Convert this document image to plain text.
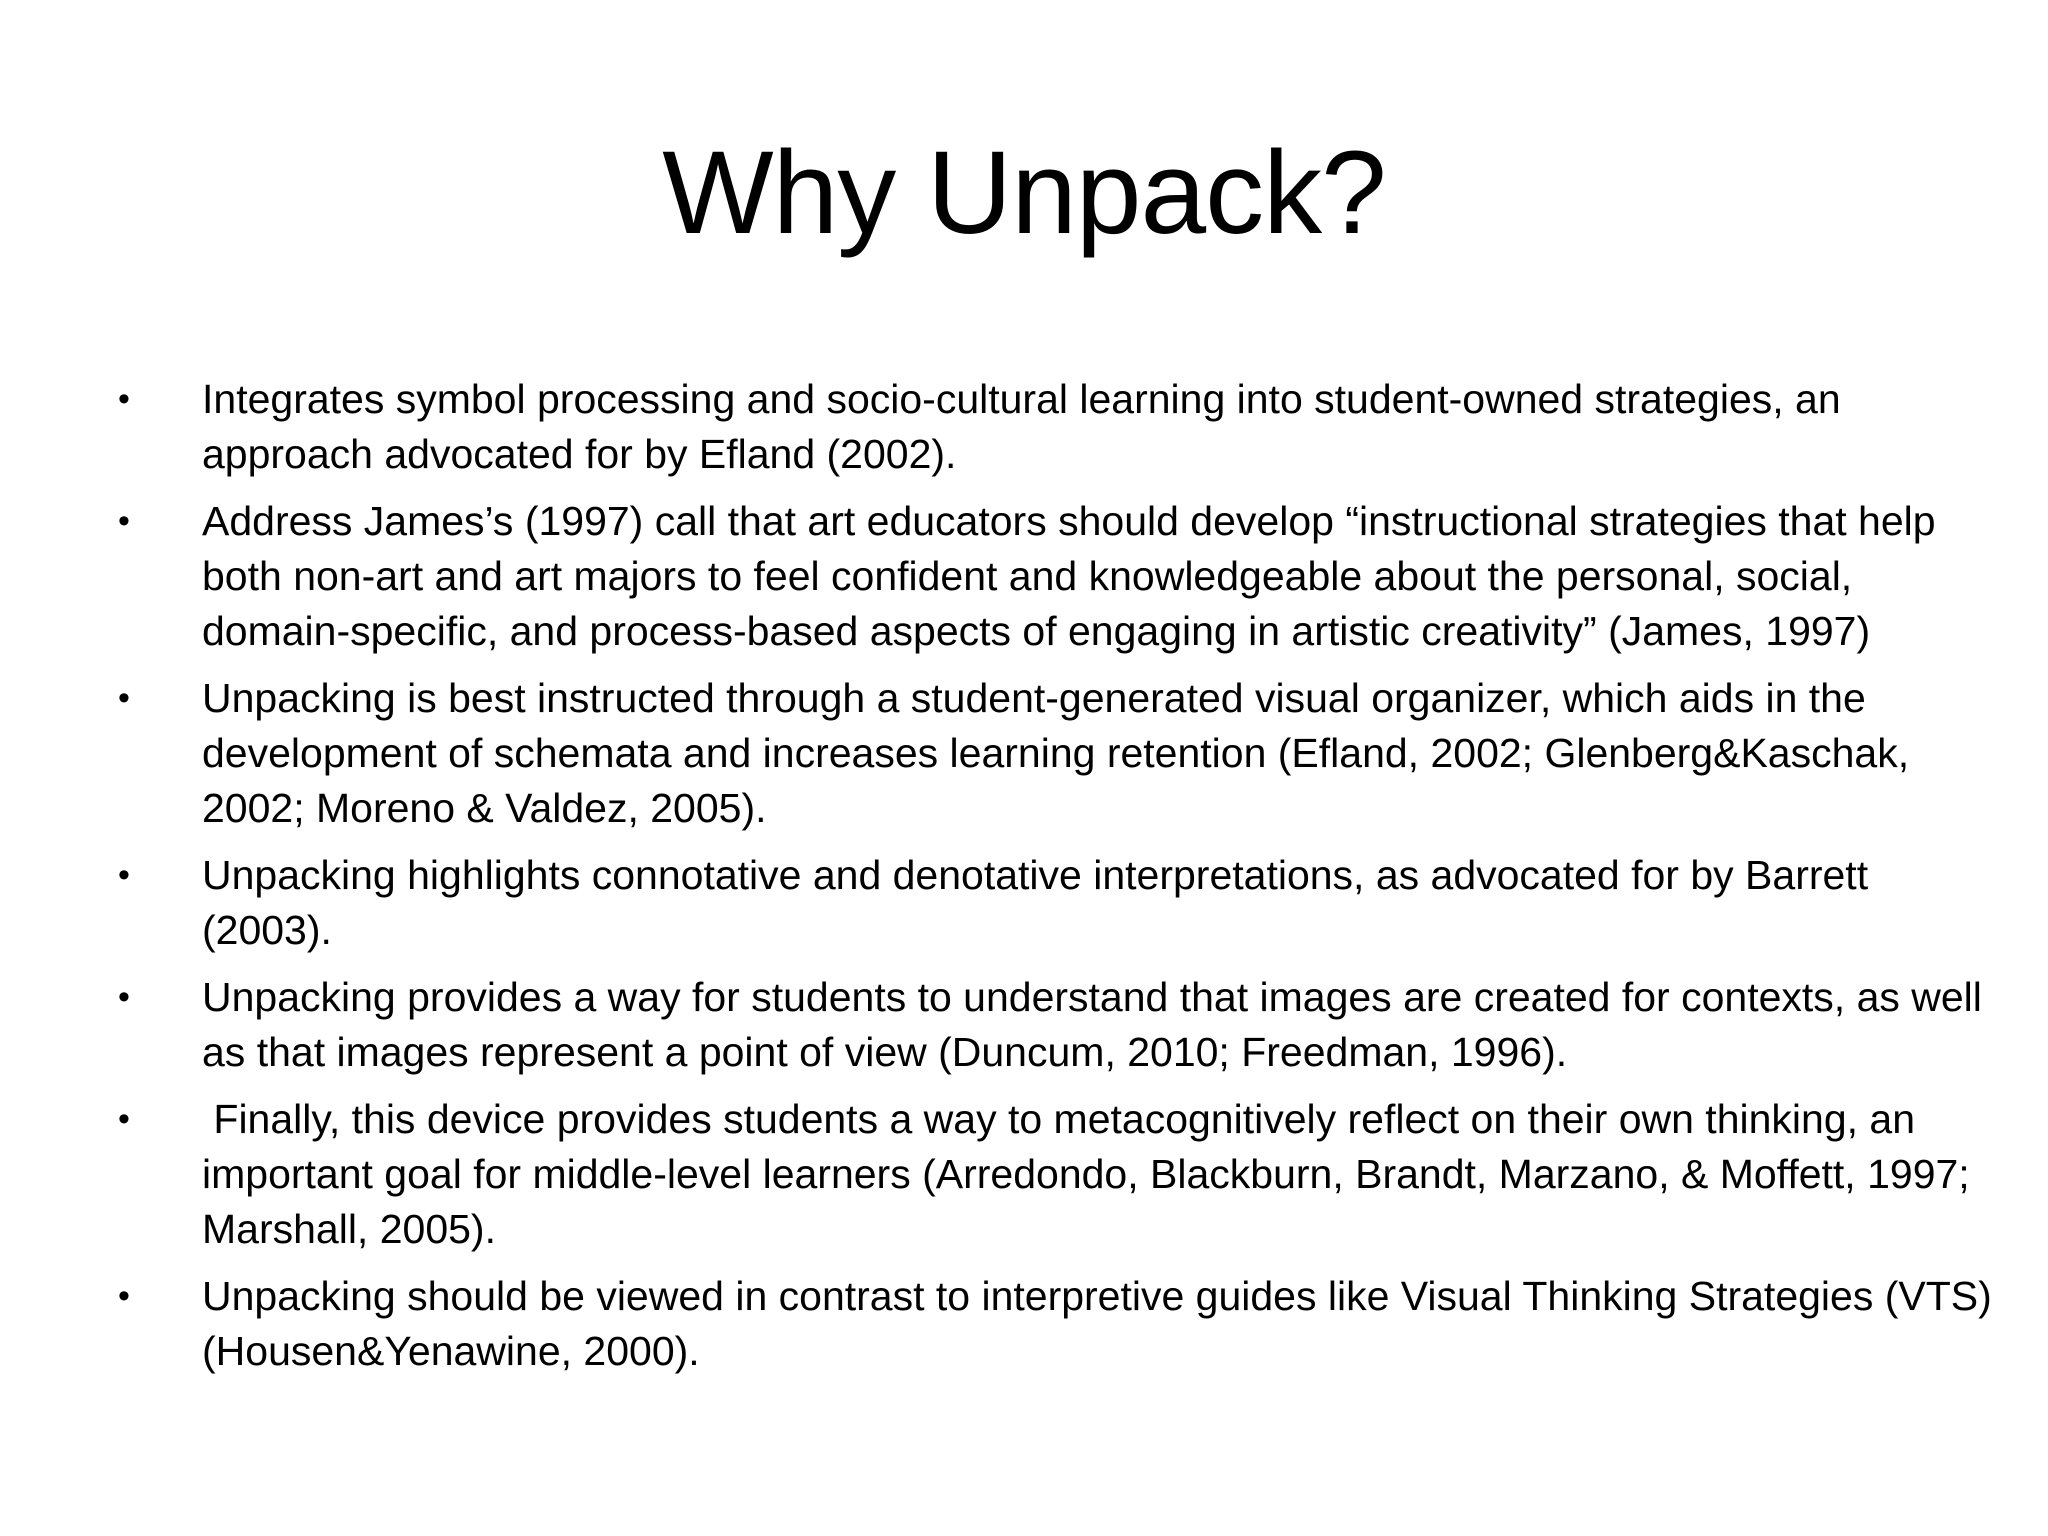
Why Unpack?
•	Integrates symbol processing and socio-cultural learning into student-owned strategies, an approach advocated for by Efland (2002).
•	Address James’s (1997) call that art educators should develop “instructional strategies that help both non-art and art majors to feel confident and knowledgeable about the personal, social, domain-specific, and process-based aspects of engaging in artistic creativity” (James, 1997)
•	Unpacking is best instructed through a student-generated visual organizer, which aids in the development of schemata and increases learning retention (Efland, 2002; Glenberg&Kaschak, 2002; Moreno & Valdez, 2005).
•	Unpacking highlights connotative and denotative interpretations, as advocated for by Barrett (2003).
•	Unpacking provides a way for students to understand that images are created for contexts, as well as that images represent a point of view (Duncum, 2010; Freedman, 1996).
•	Finally, this device provides students a way to metacognitively reflect on their own thinking, an important goal for middle-level learners (Arredondo, Blackburn, Brandt, Marzano, & Moffett, 1997; Marshall, 2005).
•	Unpacking should be viewed in contrast to interpretive guides like Visual Thinking Strategies (VTS) (Housen&Yenawine, 2000).
